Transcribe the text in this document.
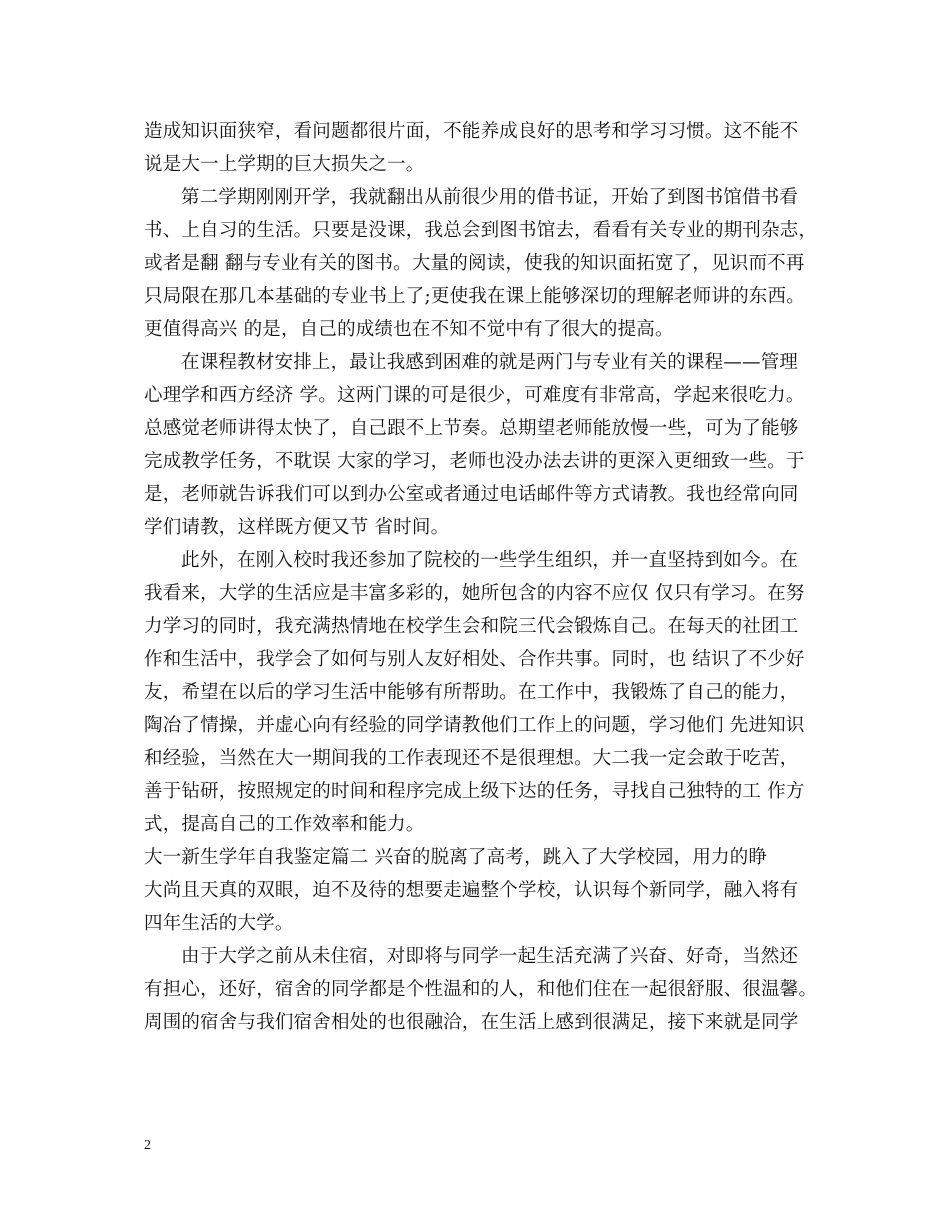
造成知识面狭窄，看问题都很片面，不能养成良好的思考和学习习惯。这不能不
说是大一上学期的巨大损失之一。
第二学期刚刚开学，我就翻出从前很少用的借书证，开始了到图书馆借书看
书、上自习的生活。只要是没课，我总会到图书馆去，看看有关专业的期刊杂志，
或者是翻 翻与专业有关的图书。大量的阅读，使我的知识面拓宽了，见识而不再
只局限在那几本基础的专业书上了;更使我在课上能够深切的理解老师讲的东西。
更值得高兴 的是，自己的成绩也在不知不觉中有了很大的提高。
在课程教材安排上，最让我感到困难的就是两门与专业有关的课程——管理
心理学和西方经济 学。这两门课的可是很少，可难度有非常高，学起来很吃力。
总感觉老师讲得太快了，自己跟不上节奏。总期望老师能放慢一些，可为了能够
完成教学任务，不耽误 大家的学习，老师也没办法去讲的更深入更细致一些。于
是，老师就告诉我们可以到办公室或者通过电话邮件等方式请教。我也经常向同
学们请教，这样既方便又节 省时间。
此外，在刚入校时我还参加了院校的一些学生组织，并一直坚持到如今。在
我看来，大学的生活应是丰富多彩的，她所包含的内容不应仅 仅只有学习。在努
力学习的同时，我充满热情地在校学生会和院三代会锻炼自己。在每天的社团工
作和生活中，我学会了如何与别人友好相处、合作共事。同时，也 结识了不少好
友，希望在以后的学习生活中能够有所帮助。在工作中，我锻炼了自己的能力，
陶冶了情操，并虚心向有经验的同学请教他们工作上的问题，学习他们 先进知识
和经验，当然在大一期间我的工作表现还不是很理想。大二我一定会敢于吃苦，
善于钻研，按照规定的时间和程序完成上级下达的任务，寻找自己独特的工 作方
式，提高自己的工作效率和能力。
大一新生学年自我鉴定篇二 兴奋的脱离了高考，跳入了大学校园，用力的睁
大尚且天真的双眼，迫不及待的想要走遍整个学校，认识每个新同学，融入将有
四年生活的大学。
由于大学之前从未住宿，对即将与同学一起生活充满了兴奋、好奇，当然还
有担心，还好，宿舍的同学都是个性温和的人，和他们住在一起很舒服、很温馨。
周围的宿舍与我们宿舍相处的也很融洽，在生活上感到很满足，接下来就是同学
2
